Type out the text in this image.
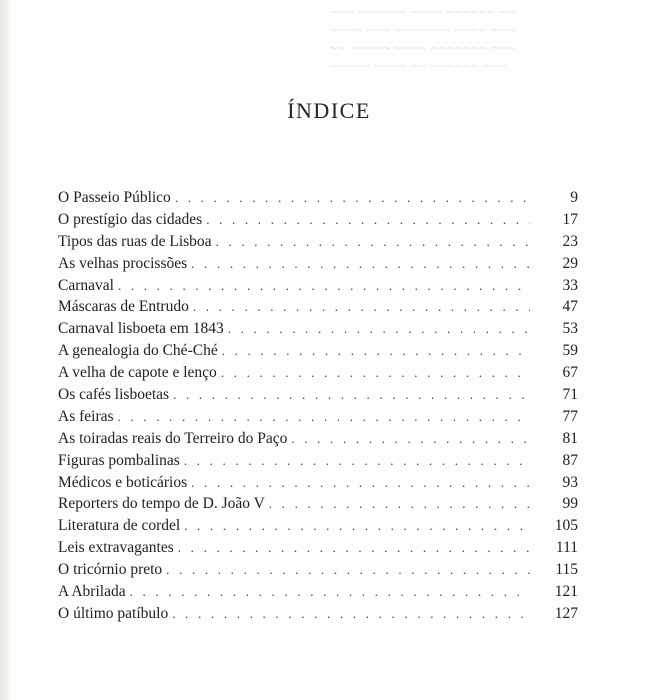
~~~ ~~~~~~ ~~~~ ~~~~~~ ~~
~~~~ ~~~ ~~~~~~~ ~~~~ ~~~
~~ ~~~~~ ~~~~ ~~~~~~~ ~~~
~~~~~ ~~~~ ~~ ~~~~~~ ~~~
ÍNDICE
O Passeio Público . . .	9
O prestígio das cidades . . .	17
Tipos das ruas de Lisboa . . .	23
As velhas procissões . . .	29
Carnaval . . .	33
Máscaras de Entrudo . . .	47
Carnaval lisboeta em 1843 . . .	53
A genealogia do Ché-Ché . . .	59
A velha de capote e lenço . . .	67
Os cafés lisboetas . . .	71
As feiras . . .	77
As toiradas reais do Terreiro do Paço . . .	81
Figuras pombalinas . . .	87
Médicos e boticários . . .	93
Reporters do tempo de D. João V . . .	99
Literatura de cordel . . .	105
Leis extravagantes . . .	111
O tricórnio preto . . .	115
A Abrilada . . .	121
O último patíbulo . . .	127
